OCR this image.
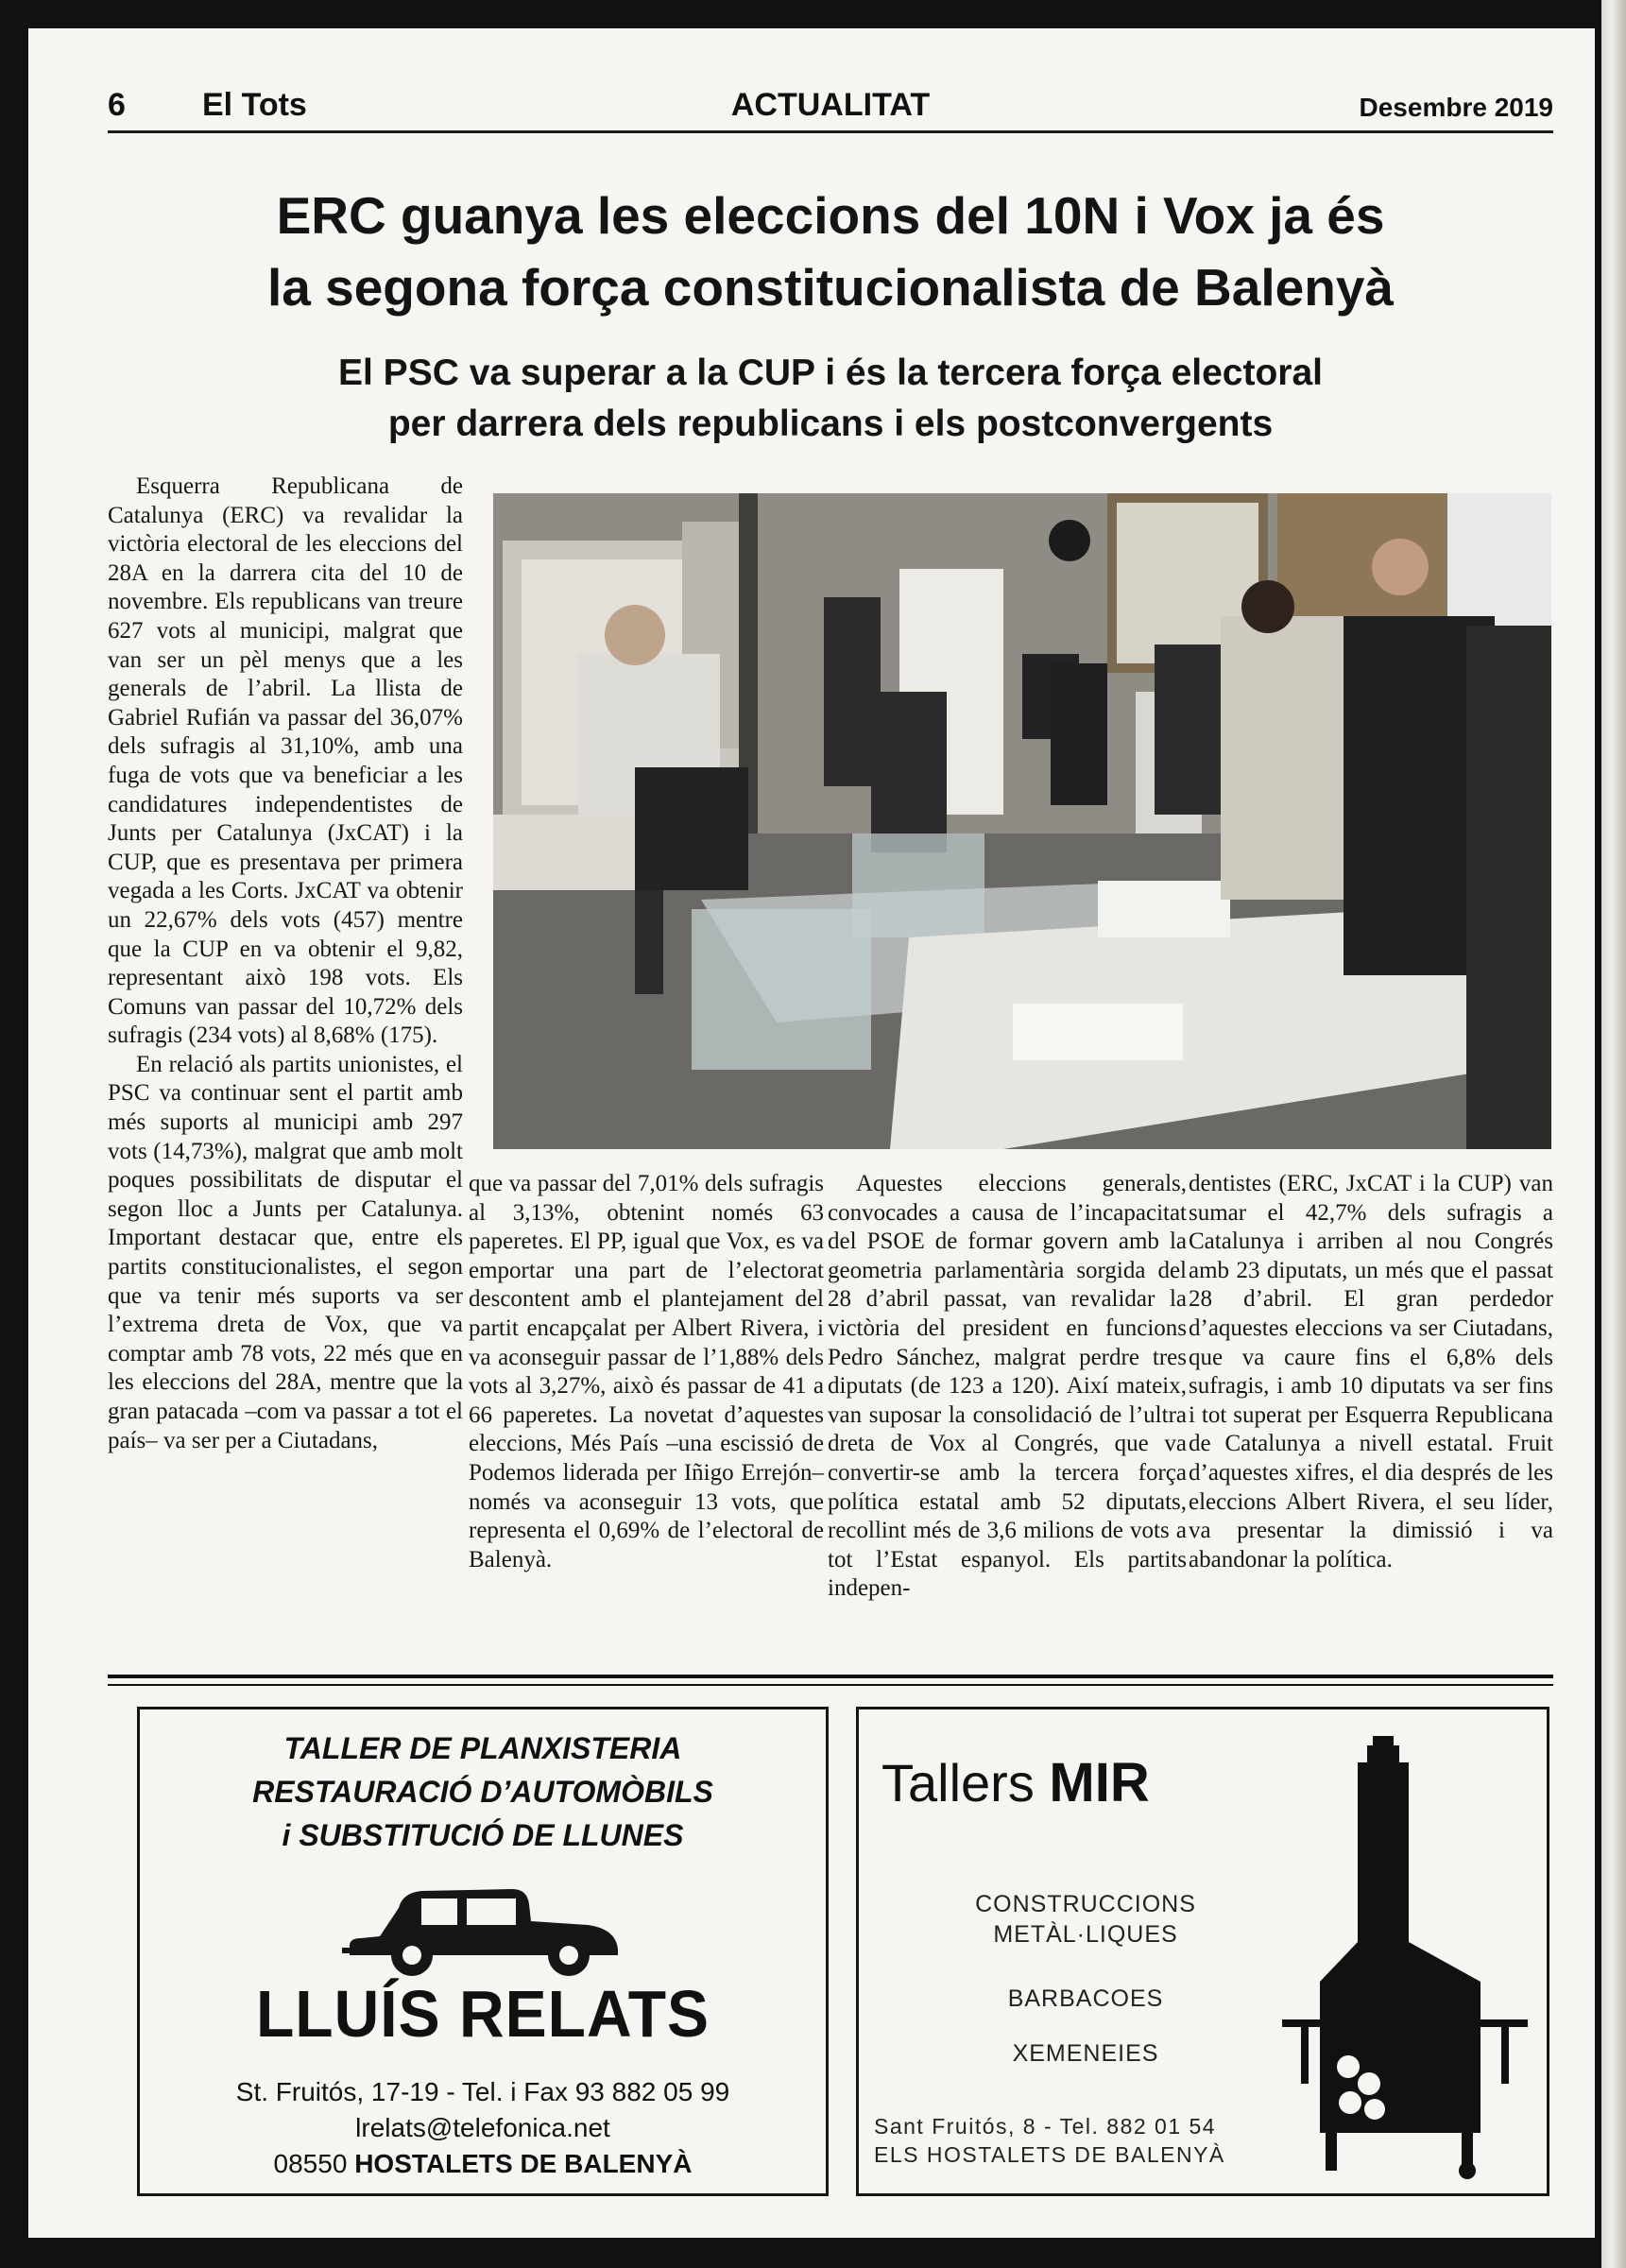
6 El Tots	ACTUALITAT	Desembre 2019
ERC guanya les eleccions del 10N i Vox ja és
la segona força constitucionalista de Balenyà
El PSC va superar a la CUP i és la tercera força electoral
per darrera dels republicans i els postconvergents

Esquerra Republicana de Catalunya (ERC) va revalidar la victòria electoral de les eleccions del 28A en la darrera cita del 10 de novembre. Els republicans van treure 627 vots al municipi, malgrat que van ser un pèl menys que a les generals de l’abril. La llista de Gabriel Rufián va passar del 36,07% dels sufragis al 31,10%, amb una fuga de vots que va beneficiar a les candidatures independentistes de Junts per Catalunya (JxCAT) i la CUP, que es presentava per primera vegada a les Corts. JxCAT va obtenir un 22,67% dels vots (457) mentre que la CUP en va obtenir el 9,82, representant això 198 vots. Els Comuns van passar del 10,72% dels sufragis (234 vots) al 8,68% (175).

En relació als partits unionistes, el PSC va continuar sent el partit amb més suports al municipi amb 297 vots (14,73%), malgrat que amb molt poques possibilitats de disputar el segon lloc a Junts per Catalunya. Important destacar que, entre els partits constitucionalistes, el segon que va tenir més suports va ser l’extrema dreta de Vox, que va comptar amb 78 vots, 22 més que en les eleccions del 28A, mentre que la gran patacada –com va passar a tot el país– va ser per a Ciutadans,

que va passar del 7,01% dels sufragis al 3,13%, obtenint només 63 paperetes. El PP, igual que Vox, es va emportar una part de l’electorat descontent amb el plantejament del partit encapçalat per Albert Rivera, i va aconseguir passar de l’1,88% dels vots al 3,27%, això és passar de 41 a 66 paperetes. La novetat d’aquestes eleccions, Més País –una escissió de Podemos liderada per Iñigo Errejón– només va aconseguir 13 vots, que representa el 0,69% de l’electoral de Balenyà.

Aquestes eleccions generals, convocades a causa de l’incapacitat del PSOE de formar govern amb la geometria parlamentària sorgida del 28 d’abril passat, van revalidar la victòria del president en funcions Pedro Sánchez, malgrat perdre tres diputats (de 123 a 120). Així mateix, van suposar la consolidació de l’ultra dreta de Vox al Congrés, que va convertir-se amb la tercera força política estatal amb 52 diputats, recollint més de 3,6 milions de vots a tot l’Estat espanyol. Els partits indepen-

dentistes (ERC, JxCAT i la CUP) van sumar el 42,7% dels sufragis a Catalunya i arriben al nou Congrés amb 23 diputats, un més que el passat 28 d’abril. El gran perdedor d’aquestes eleccions va ser Ciutadans, que va caure fins el 6,8% dels sufragis, i amb 10 diputats va ser fins i tot superat per Esquerra Republicana de Catalunya a nivell estatal. Fruit d’aquestes xifres, el dia després de les eleccions Albert Rivera, el seu líder, va presentar la dimissió i va abandonar la política.

TALLER DE PLANXISTERIA
RESTAURACIÓ D’AUTOMÒBILS
i SUBSTITUCIÓ DE LLUNES
LLUÍS RELATS
St. Fruitós, 17-19 - Tel. i Fax 93 882 05 99
lrelats@telefonica.net
08550 HOSTALETS DE BALENYÀ
Tallers MIR
CONSTRUCCIONS
METÀL·LIQUES
BARBACOES
XEMENEIES
Sant Fruitós, 8 - Tel. 882 01 54
ELS HOSTALETS DE BALENYÀ
